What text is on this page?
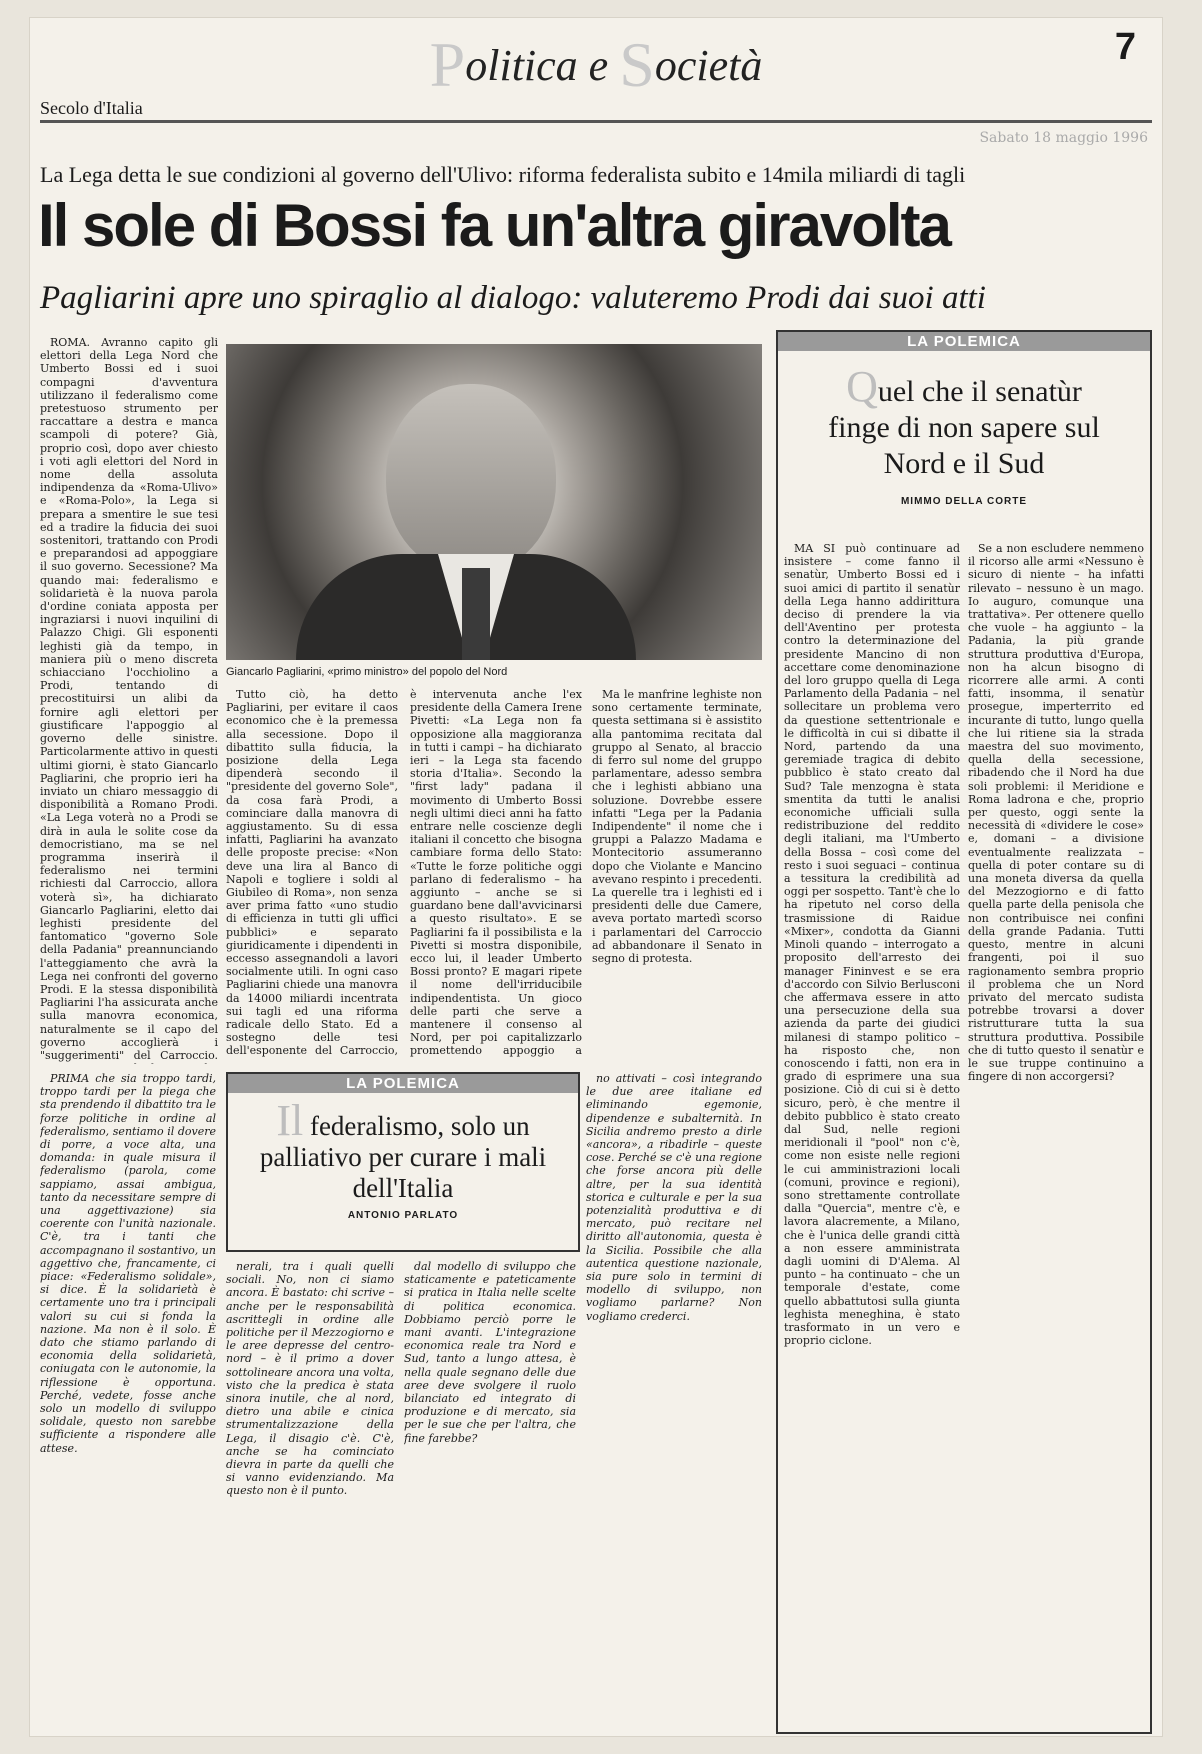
Politica e Società	7
Secolo d'Italia
Sabato 18 maggio 1996
La Lega detta le sue condizioni al governo dell'Ulivo: riforma federalista subito e 14mila miliardi di tagli
Il sole di Bossi fa un'altra giravolta
Pagliarini apre uno spiraglio al dialogo: valuteremo Prodi dai suoi atti

ROMA. Avranno capito gli elettori della Lega Nord che Umberto Bossi ed i suoi compagni d'avventura utilizzano il federalismo come pretestuoso strumento per raccattare a destra e manca scampoli di potere? Già, proprio così, dopo aver chiesto i voti agli elettori del Nord in nome della assoluta indipendenza da «Roma-Ulivo» e «Roma-Polo», la Lega si prepara a smentire le sue tesi ed a tradire la fiducia dei suoi sostenitori, trattando con Prodi e preparandosi ad appoggiare il suo governo. Secessione? Ma quando mai: federalismo e solidarietà è la nuova parola d'ordine coniata apposta per ingraziarsi i nuovi inquilini di Palazzo Chigi. Gli esponenti leghisti già da tempo, in maniera più o meno discreta schiacciano l'occhiolino a Prodi, tentando di precostituirsi un alibi da fornire agli elettori per giustificare l'appoggio al governo delle sinistre. Particolarmente attivo in questi ultimi giorni, è stato Giancarlo Pagliarini, che proprio ieri ha inviato un chiaro messaggio di disponibilità a Romano Prodi. «La Lega voterà no a Prodi se dirà in aula le solite cose da democristiano, ma se nel programma inserirà il federalismo nei termini richiesti dal Carroccio, allora voterà sì», ha dichiarato Giancarlo Pagliarini, eletto dai leghisti presidente del fantomatico "governo Sole della Padania" preannunciando l'atteggiamento che avrà la Lega nei confronti del governo Prodi. E la stessa disponibilità Pagliarini l'ha assicurata anche sulla manovra economica, naturalmente se il capo del governo accoglierà i "suggerimenti" del Carroccio.

Giancarlo Pagliarini, «primo ministro» del popolo del Nord

Tutto ciò, ha detto Pagliarini, per evitare il caos economico che è la premessa alla secessione. Dopo il dibattito sulla fiducia, la posizione della Lega dipenderà secondo il "presidente del governo Sole", da cosa farà Prodi, a cominciare dalla manovra di aggiustamento. Su di essa infatti, Pagliarini ha avanzato delle proposte precise: «Non deve una lira al Banco di Napoli e togliere i soldi al Giubileo di Roma», non senza aver prima fatto «uno studio di efficienza in tutti gli uffici pubblici» e separato giuridicamente i dipendenti in eccesso assegnandoli a lavori socialmente utili. In ogni caso Pagliarini chiede una manovra da 14000 miliardi incentrata sui tagli ed una riforma radicale dello Stato. Ed a sostegno delle tesi dell'esponente del Carroccio, è intervenuta anche l'ex presidente della Camera Irene Pivetti: «La Lega non fa opposizione alla maggioranza in tutti i campi – ha dichiarato ieri – la Lega sta facendo storia d'Italia». Secondo la "first lady" padana il movimento di Umberto Bossi negli ultimi dieci anni ha fatto entrare nelle coscienze degli italiani il concetto che bisogna cambiare forma dello Stato: «Tutte le forze politiche oggi parlano di federalismo – ha aggiunto – anche se si guardano bene dall'avvicinarsi a questo risultato». E se Pagliarini fa il possibilista e la Pivetti si mostra disponibile, ecco lui, il leader Umberto Bossi pronto? E magari ripete il nome dell'irriducibile indipendentista. Un gioco delle parti che serve a mantenere il consenso al Nord, per poi capitalizzarlo promettendo appoggio a

Ma le manfrine leghiste non sono certamente terminate, questa settimana si è assistito alla pantomima recitata dal gruppo al Senato, al braccio di ferro sul nome del gruppo parlamentare, adesso sembra che i leghisti abbiano una soluzione. Dovrebbe essere infatti "Lega per la Padania Indipendente" il nome che i gruppi a Palazzo Madama e Montecitorio assumeranno dopo che Violante e Mancino avevano respinto i precedenti. La querelle tra i leghisti ed i presidenti delle due Camere, aveva portato martedì scorso i parlamentari del Carroccio ad abbandonare il Senato in segno di protesta.

LA POLEMICA
Quel che il senatùr finge di non sapere sul Nord e il Sud
MIMMO DELLA CORTE

MA SI può continuare ad insistere – come fanno il senatùr, Umberto Bossi ed i suoi amici di partito il senatùr della Lega hanno addirittura deciso di prendere la via dell'Aventino per protesta contro la determinazione del presidente Mancino di non accettare come denominazione del loro gruppo quella di Lega Parlamento della Padania – nel sollecitare un problema vero da questione settentrionale e le difficoltà in cui si dibatte il Nord, partendo da una geremiade tragica di debito pubblico è stato creato dal Sud? Tale menzogna è stata smentita da tutti le analisi economiche ufficiali sulla redistribuzione del reddito degli italiani, ma l'Umberto della Bossa – così come del resto i suoi seguaci – continua a tessitura la credibilità ad oggi per sospetto. Tant'è che lo ha ripetuto nel corso della trasmissione di Raidue «Mixer», condotta da Gianni Minoli quando – interrogato a proposito dell'arresto dei manager Fininvest e se era d'accordo con Silvio Berlusconi che affermava essere in atto una persecuzione della sua azienda da parte dei giudici milanesi di stampo politico – ha risposto che, non conoscendo i fatti, non era in grado di esprimere una sua posizione. Ciò di cui si è detto sicuro, però, è che mentre il debito pubblico è stato creato dal Sud, nelle regioni meridionali il "pool" non c'è, come non esiste nelle regioni le cui amministrazioni locali (comuni, province e regioni), sono strettamente controllate dalla "Quercia", mentre c'è, e lavora alacremente, a Milano, che è l'unica delle grandi città a non essere amministrata dagli uomini di D'Alema. Al punto – ha continuato – che un temporale d'estate, come quello abbattutosi sulla giunta leghista meneghina, è stato trasformato in un vero e proprio ciclone.

Se a non escludere nemmeno il ricorso alle armi «Nessuno è sicuro di niente – ha infatti rilevato – nessuno è un mago. Io auguro, comunque una trattativa». Per ottenere quello che vuole – ha aggiunto – la Padania, la più grande struttura produttiva d'Europa, non ha alcun bisogno di ricorrere alle armi. A conti fatti, insomma, il senatùr prosegue, imperterrito ed incurante di tutto, lungo quella che lui ritiene sia la strada maestra del suo movimento, quella della secessione, ribadendo che il Nord ha due soli problemi: il Meridione e Roma ladrona e che, proprio per questo, oggi sente la necessità di «dividere le cose» e, domani – a divisione eventualmente realizzata – quella di poter contare su di una moneta diversa da quella del Mezzogiorno e di fatto quella parte della penisola che non contribuisce nei confini della grande Padania. Tutti questo, mentre in alcuni frangenti, poi il suo ragionamento sembra proprio il problema che un Nord privato del mercato sudista potrebbe trovarsi a dover ristrutturare tutta la sua struttura produttiva. Possibile che di tutto questo il senatùr e le sue truppe continuino a fingere di non accorgersi?

LA POLEMICA
Il federalismo, solo un palliativo per curare i mali dell'Italia
ANTONIO PARLATO

PRIMA che sia troppo tardi, troppo tardi per la piega che sta prendendo il dibattito tra le forze politiche in ordine al federalismo, sentiamo il dovere di porre, a voce alta, una domanda: in quale misura il federalismo (parola, come sappiamo, assai ambigua, tanto da necessitare sempre di una aggettivazione) sia coerente con l'unità nazionale. C'è, tra i tanti che accompagnano il sostantivo, un aggettivo che, francamente, ci piace: «Federalismo solidale», si dice. È la solidarietà è certamente uno tra i principali valori su cui si fonda la nazione. Ma non è il solo. È dato che stiamo parlando di economia della solidarietà, coniugata con le autonomie, la riflessione è opportuna. Perché, vedete, fosse anche solo un modello di sviluppo solidale, questo non sarebbe sufficiente a rispondere alle attese.

nerali, tra i quali quelli sociali. No, non ci siamo ancora. È bastato: chi scrive – anche per le responsabilità ascrittegli in ordine alle politiche per il Mezzogiorno e le aree depresse del centro-nord – è il primo a dover sottolineare ancora una volta, visto che la predica è stata sinora inutile, che al nord, dietro una abile e cinica strumentalizzazione della Lega, il disagio c'è. C'è, anche se ha cominciato dievra in parte da quelli che si vanno evidenziando. Ma questo non è il punto.

dal modello di sviluppo che staticamente e pateticamente si pratica in Italia nelle scelte di politica economica. Dobbiamo perciò porre le mani avanti. L'integrazione economica reale tra Nord e Sud, tanto a lungo attesa, è nella quale segnano delle due aree deve svolgere il ruolo bilanciato ed integrato di produzione e di mercato, sia per le sue che per l'altra, che fine farebbe?

no attivati – così integrando le due aree italiane ed eliminando egemonie, dipendenze e subalternità. In Sicilia andremo presto a dirle «ancora», a ribadirle – queste cose. Perché se c'è una regione che forse ancora più delle altre, per la sua identità storica e culturale e per la sua potenzialità produttiva e di mercato, può recitare nel diritto all'autonomia, questa è la Sicilia. Possibile che alla autentica questione nazionale, sia pure solo in termini di modello di sviluppo, non vogliamo parlarne? Non vogliamo crederci.
